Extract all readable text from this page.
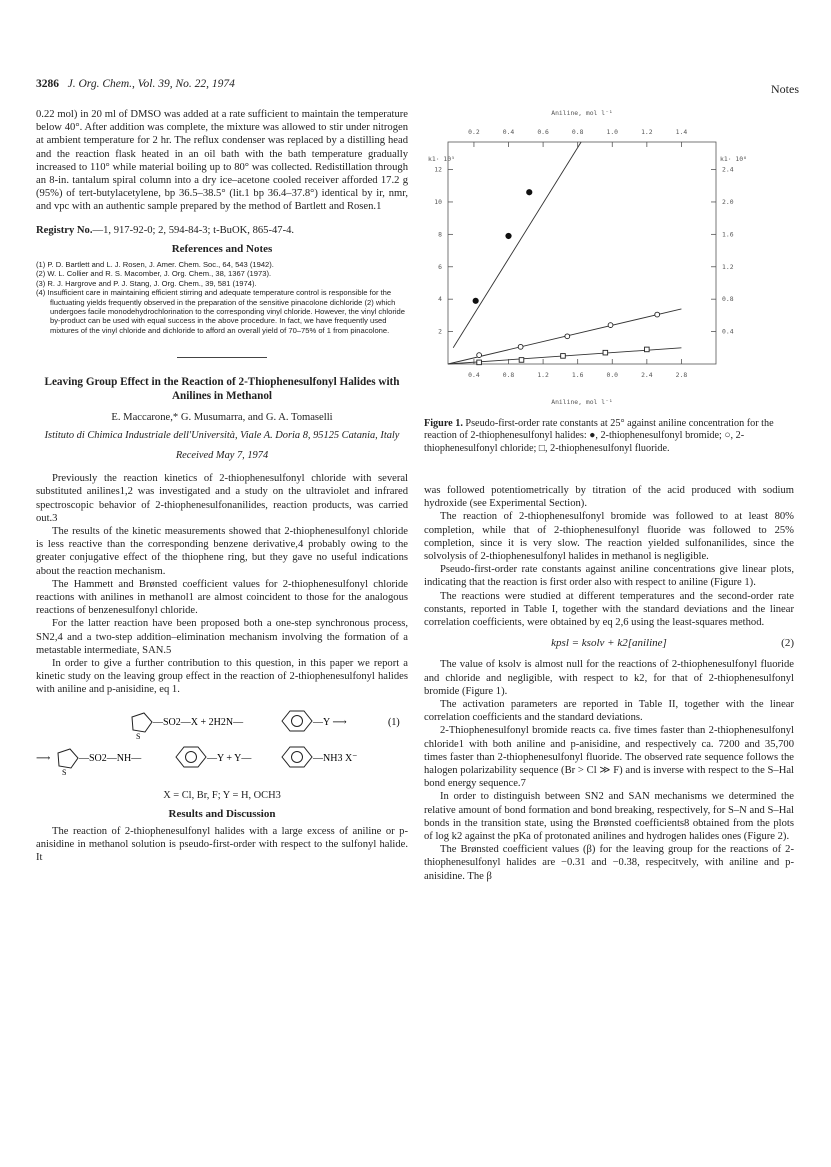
3286 J. Org. Chem., Vol. 39, No. 22, 1974	Notes

0.22 mol) in 20 ml of DMSO was added at a rate sufficient to maintain the temperature below 40°. After addition was complete, the mixture was allowed to stir under nitrogen at ambient temperature for 2 hr. The reflux condenser was replaced by a distilling head and the reaction flask heated in an oil bath with the bath temperature gradually increased to 110° while material boiling up to 80° was collected. Redistillation through an 8-in. tantalum spiral column into a dry ice–acetone cooled receiver afforded 17.2 g (95%) of tert-butylacetylene, bp 36.5–38.5° (lit.1 bp 36.4–37.8°) identical by ir, nmr, and vpc with an authentic sample prepared by the method of Bartlett and Rosen.1

Registry No.—1, 917-92-0; 2, 594-84-3; t-BuOK, 865-47-4.

References and Notes
(1) P. D. Bartlett and L. J. Rosen, J. Amer. Chem. Soc., 64, 543 (1942).
(2) W. L. Collier and R. S. Macomber, J. Org. Chem., 38, 1367 (1973).
(3) R. J. Hargrove and P. J. Stang, J. Org. Chem., 39, 581 (1974).
(4) Insufficient care in maintaining efficient stirring and adequate temperature control is responsible for the fluctuating yields frequently observed in the preparation of the sensitive pinacolone dichloride (2) which undergoes facile monodehydrochlorination to the corresponding vinyl chloride. However, the vinyl chloride by-product can be used with equal success in the above procedure. In fact, we have frequently used mixtures of the vinyl chloride and dichloride to afford an overall yield of 70–75% of 1 from pinacolone.
Leaving Group Effect in the Reaction of 2-Thiophenesulfonyl Halides with Anilines in Methanol
E. Maccarone,* G. Musumarra, and G. A. Tomaselli
Istituto di Chimica Industriale dell'Università, Viale A. Doria 8, 95125 Catania, Italy
Received May 7, 1974

Previously the reaction kinetics of 2-thiophenesulfonyl chloride with several substituted anilines1,2 was investigated and a study on the ultraviolet and infrared spectroscopic behavior of 2-thiophenesulfonanilides, reaction products, was carried out.3

The results of the kinetic measurements showed that 2-thiophenesulfonyl chloride is less reactive than the corresponding benzene derivative,4 probably owing to the greater conjugative effect of the thiophene ring, but they gave no useful indications about the reaction mechanism.

The Hammett and Brønsted coefficient values for 2-thiophenesulfonyl chloride reactions with anilines in methanol1 are almost coincident to those for the analogous reactions of benzenesulfonyl chloride.

For the latter reaction have been proposed both a one-step synchronous process, SN2,4 and a two-step addition–elimination mechanism involving the formation of a metastable intermediate, SAN.5

In order to give a further contribution to this question, in this paper we report a kinetic study on the leaving group effect in the reaction of 2-thiophenesulfonyl halides with aniline and p-anisidine, eq 1.

S
—SO2—X + 2H2N—	—Y ⟶	(1)
⟶
S
—SO2—NH—	—Y + Y—	—NH3 X⁻
X = Cl, Br, F; Y = H, OCH3
Results and Discussion

The reaction of 2-thiophenesulfonyl halides with a large excess of aniline or p-anisidine in methanol solution is pseudo-first-order with respect to the sulfonyl halide. It

0.2	0.4	0.6	0.8	1.0	1.2	1.4
0.4	0.8	1.2	1.6	0.0	2.4	2.8
2
4
6
8
10
12
0.4
0.8
1.2
1.6
2.0
2.4
Aniline, mol l⁻¹
Aniline, mol l⁻¹
k1· 10⁵	k1· 10⁸
Figure 1. Pseudo-first-order rate constants at 25° against aniline concentration for the reaction of 2-thiophenesulfonyl halides: ●, 2-thiophenesulfonyl bromide; ○, 2-thiophenesulfonyl chloride; □, 2-thiophenesulfonyl fluoride.

was followed potentiometrically by titration of the acid produced with sodium hydroxide (see Experimental Section).

The reaction of 2-thiophenesulfonyl bromide was followed to at least 80% completion, while that of 2-thiophenesulfonyl fluoride was followed to 25% completion, since it is very slow. The reaction yielded sulfonanilides, since the solvolysis of 2-thiophenesulfonyl halides in methanol is negligible.

Pseudo-first-order rate constants against aniline concentrations give linear plots, indicating that the reaction is first order also with respect to aniline (Figure 1).

The reactions were studied at different temperatures and the second-order rate constants, reported in Table I, together with the standard deviations and the linear correlation coefficients, were obtained by eq 2,6 using the least-squares method.

kpsl = ksolv + k2[aniline]	(2)

The value of ksolv is almost null for the reactions of 2-thiophenesulfonyl fluoride and chloride and negligible, with respect to k2, for that of 2-thiophenesulfonyl bromide (Figure 1).

The activation parameters are reported in Table II, together with the linear correlation coefficients and the standard deviations.

2-Thiophenesulfonyl bromide reacts ca. five times faster than 2-thiophenesulfonyl chloride1 with both aniline and p-anisidine, and respectively ca. 7200 and 35,700 times faster than 2-thiophenesulfonyl fluoride. The observed rate sequence follows the halogen polarizability sequence (Br > Cl ≫ F) and is inverse with respect to the S–Hal bond energy sequence.7

In order to distinguish between SN2 and SAN mechanisms we determined the relative amount of bond formation and bond breaking, respectively, for S–N and S–Hal bonds in the transition state, using the Brønsted coefficients8 obtained from the plots of log k2 against the pKa of protonated anilines and hydrogen halides ones (Figure 2).

The Brønsted coefficient values (β) for the leaving group for the reactions of 2-thiophenesulfonyl halides are −0.31 and −0.38, respecitvely, with aniline and p-anisidine. The β
